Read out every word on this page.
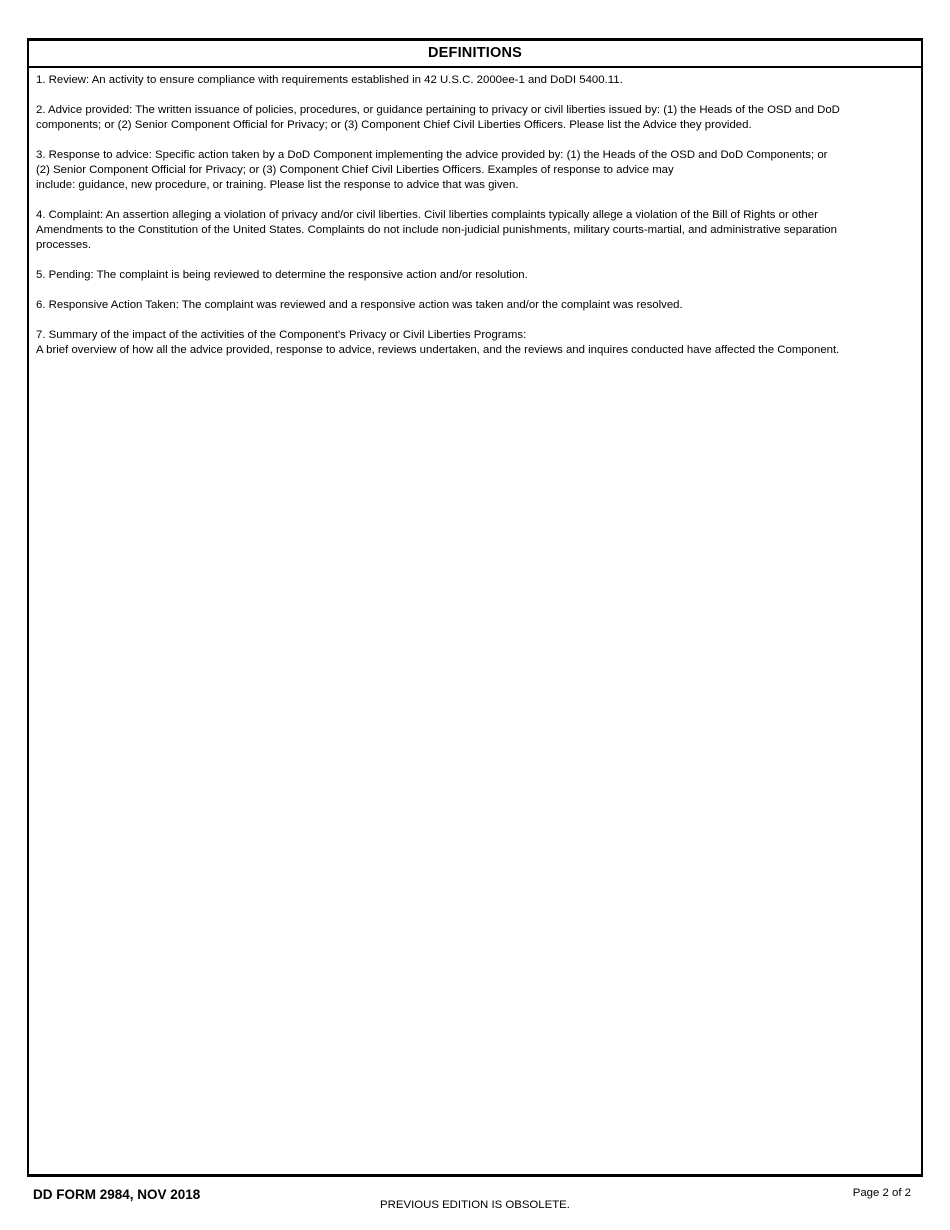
DEFINITIONS

1. Review: An activity to ensure compliance with requirements established in 42 U.S.C. 2000ee-1 and DoDI 5400.11.

2. Advice provided: The written issuance of policies, procedures, or guidance pertaining to privacy or civil liberties issued by: (1) the Heads of the OSD and DoD
components; or (2) Senior Component Official for Privacy; or (3) Component Chief Civil Liberties Officers. Please list the Advice they provided.

3. Response to advice: Specific action taken by a DoD Component implementing the advice provided by: (1) the Heads of the OSD and DoD Components; or
(2) Senior Component Official for Privacy; or (3) Component Chief Civil Liberties Officers. Examples of response to advice may
include: guidance, new procedure, or training. Please list the response to advice that was given.

4. Complaint: An assertion alleging a violation of privacy and/or civil liberties. Civil liberties complaints typically allege a violation of the Bill of Rights or other
Amendments to the Constitution of the United States. Complaints do not include non-judicial punishments, military courts-martial, and administrative separation
processes.

5. Pending: The complaint is being reviewed to determine the responsive action and/or resolution.

6. Responsive Action Taken: The complaint was reviewed and a responsive action was taken and/or the complaint was resolved.

7. Summary of the impact of the activities of the Component's Privacy or Civil Liberties Programs:
A brief overview of how all the advice provided, response to advice, reviews undertaken, and the reviews and inquires conducted have affected the Component.

DD FORM 2984, NOV 2018
PREVIOUS EDITION IS OBSOLETE.
Page 2 of 2
